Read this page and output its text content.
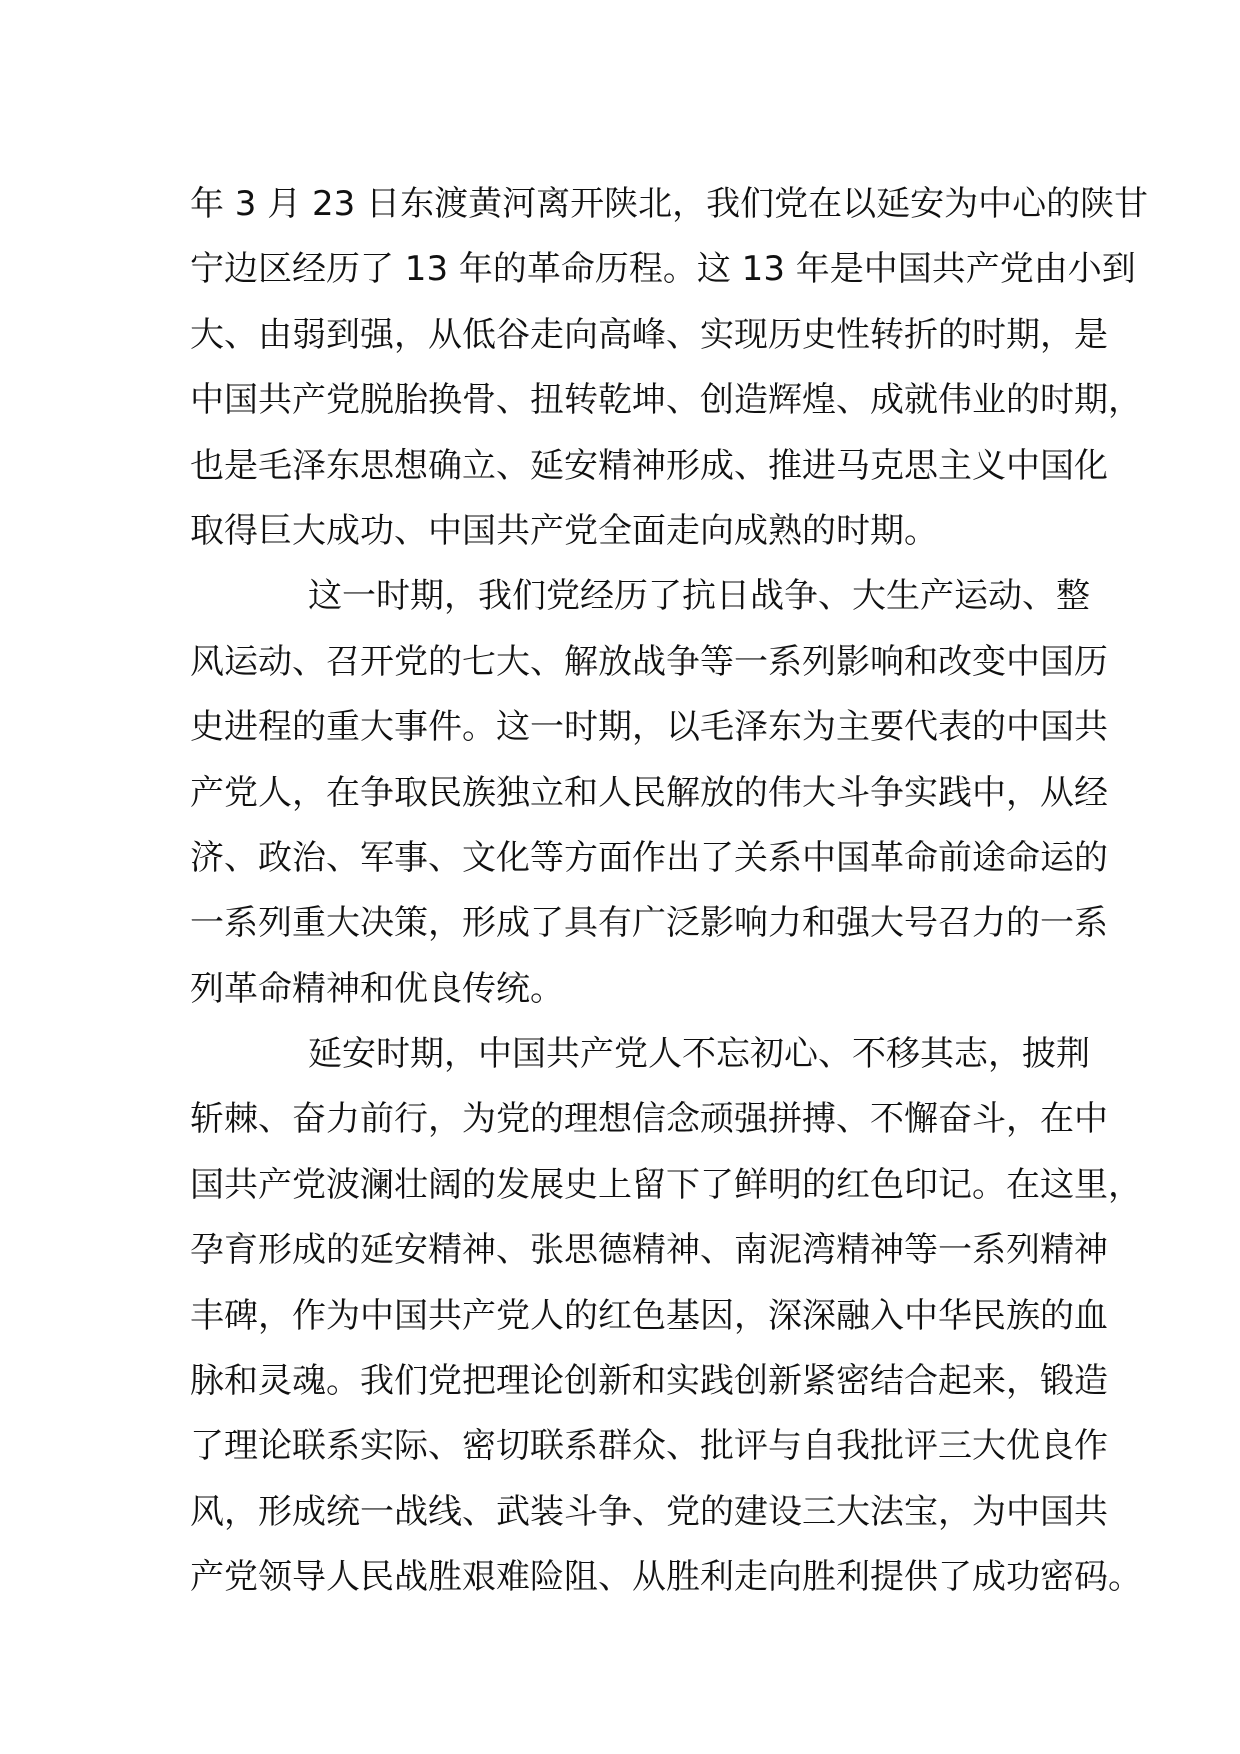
年 3 月 23 日东渡黄河离开陕北，我们党在以延安为中心的陕甘
宁边区经历了 13 年的革命历程。这 13 年是中国共产党由小到
大、由弱到强，从低谷走向高峰、实现历史性转折的时期，是
中国共产党脱胎换骨、扭转乾坤、创造辉煌、成就伟业的时期，
也是毛泽东思想确立、延安精神形成、推进马克思主义中国化
取得巨大成功、中国共产党全面走向成熟的时期。
这一时期，我们党经历了抗日战争、大生产运动、整
风运动、召开党的七大、解放战争等一系列影响和改变中国历
史进程的重大事件。这一时期，以毛泽东为主要代表的中国共
产党人，在争取民族独立和人民解放的伟大斗争实践中，从经
济、政治、军事、文化等方面作出了关系中国革命前途命运的
一系列重大决策，形成了具有广泛影响力和强大号召力的一系
列革命精神和优良传统。
延安时期，中国共产党人不忘初心、不移其志，披荆
斩棘、奋力前行，为党的理想信念顽强拼搏、不懈奋斗，在中
国共产党波澜壮阔的发展史上留下了鲜明的红色印记。在这里，
孕育形成的延安精神、张思德精神、南泥湾精神等一系列精神
丰碑，作为中国共产党人的红色基因，深深融入中华民族的血
脉和灵魂。我们党把理论创新和实践创新紧密结合起来，锻造
了理论联系实际、密切联系群众、批评与自我批评三大优良作
风，形成统一战线、武装斗争、党的建设三大法宝，为中国共
产党领导人民战胜艰难险阻、从胜利走向胜利提供了成功密码。
